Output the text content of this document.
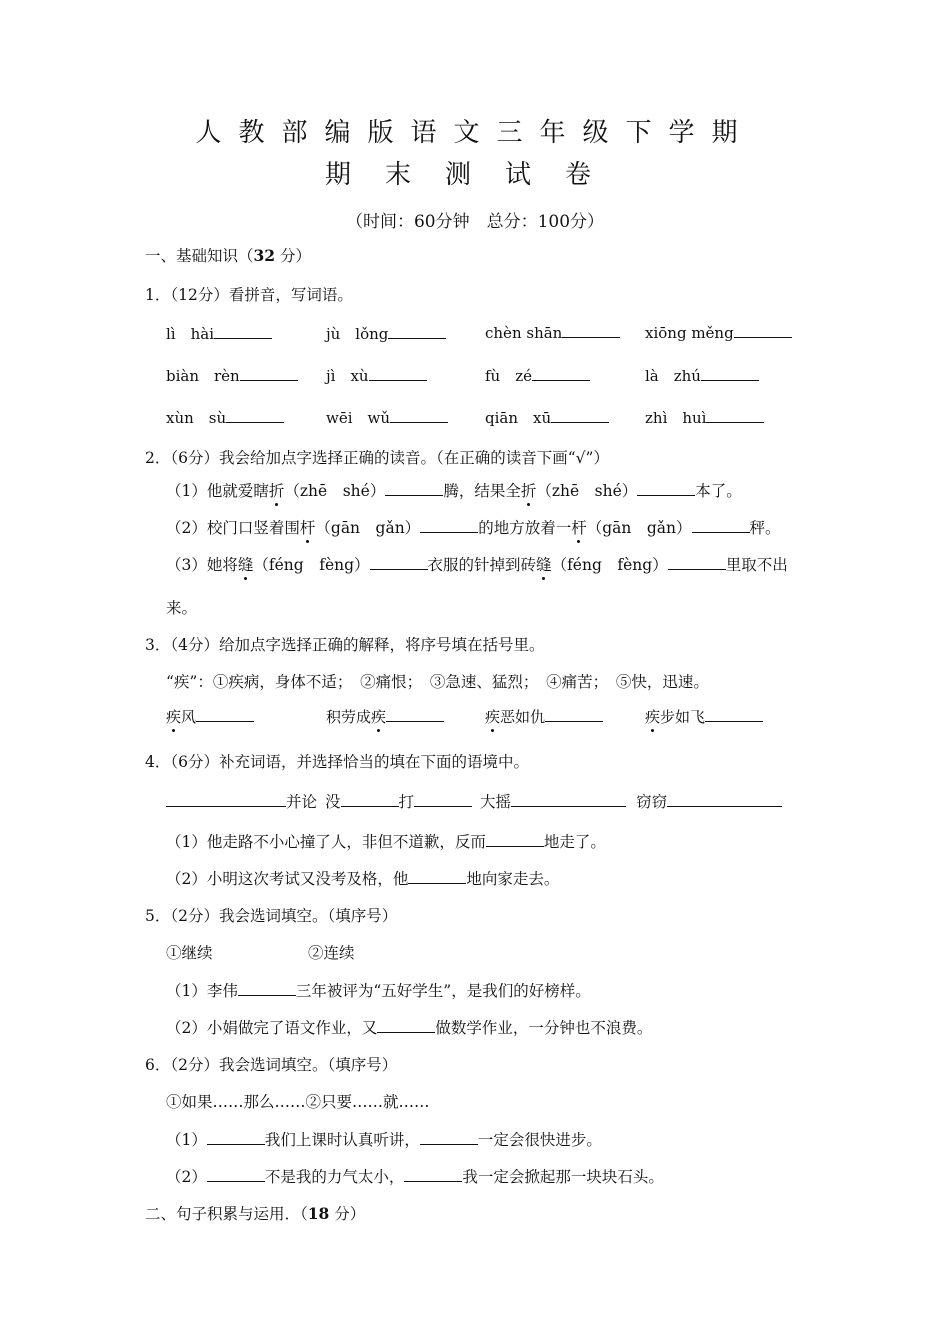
人教部编版语文三年级下学期
期末测试卷
（时间：60分钟　总分：100分）
一、基础知识（32 分）
1．（12分）看拼音，写词语。
lì　hài	jù　lǒng	chèn shān	xiōng měng
biàn　rèn	jì　xù	fù　zé	là　zhú
xùn　sù	wēi　wǔ	qiān　xū	zhì　huì
2．（6分）我会给加点字选择正确的读音。（在正确的读音下画“√”）
（1）他就爱瞎折（zhē　shé）	腾，结果全折（zhē　shé）	本了。
（2）校门口竖着围杆（gān　gǎn）	的地方放着一杆（gān　gǎn）	秤。
（3）她将缝（féng　fèng）	衣服的针掉到砖缝（féng　fèng）	里取不出
来。
3．（4分）给加点字选择正确的解释，将序号填在括号里。
“疾”：①疾病，身体不适；　②痛恨；　③急速、猛烈；　④痛苦；　⑤快，迅速。
疾风	积劳成疾	疾恶如仇	疾步如飞
4．（6分）补充词语，并选择恰当的填在下面的语境中。
并论 没	打	大摇	窃窃
（1）他走路不小心撞了人，非但不道歉，反而	地走了。
（2）小明这次考试又没考及格，他	地向家走去。
5．（2分）我会选词填空。（填序号）
①继续	②连续
（1）李伟	三年被评为“五好学生”，是我们的好榜样。
（2）小娟做完了语文作业，又	做数学作业，一分钟也不浪费。
6．（2分）我会选词填空。（填序号）
①如果……那么……②只要……就……
（1）	我们上课时认真听讲，	一定会很快进步。
（2）	不是我的力气太小，	我一定会掀起那一块块石头。
二、句子积累与运用．（18 分）
